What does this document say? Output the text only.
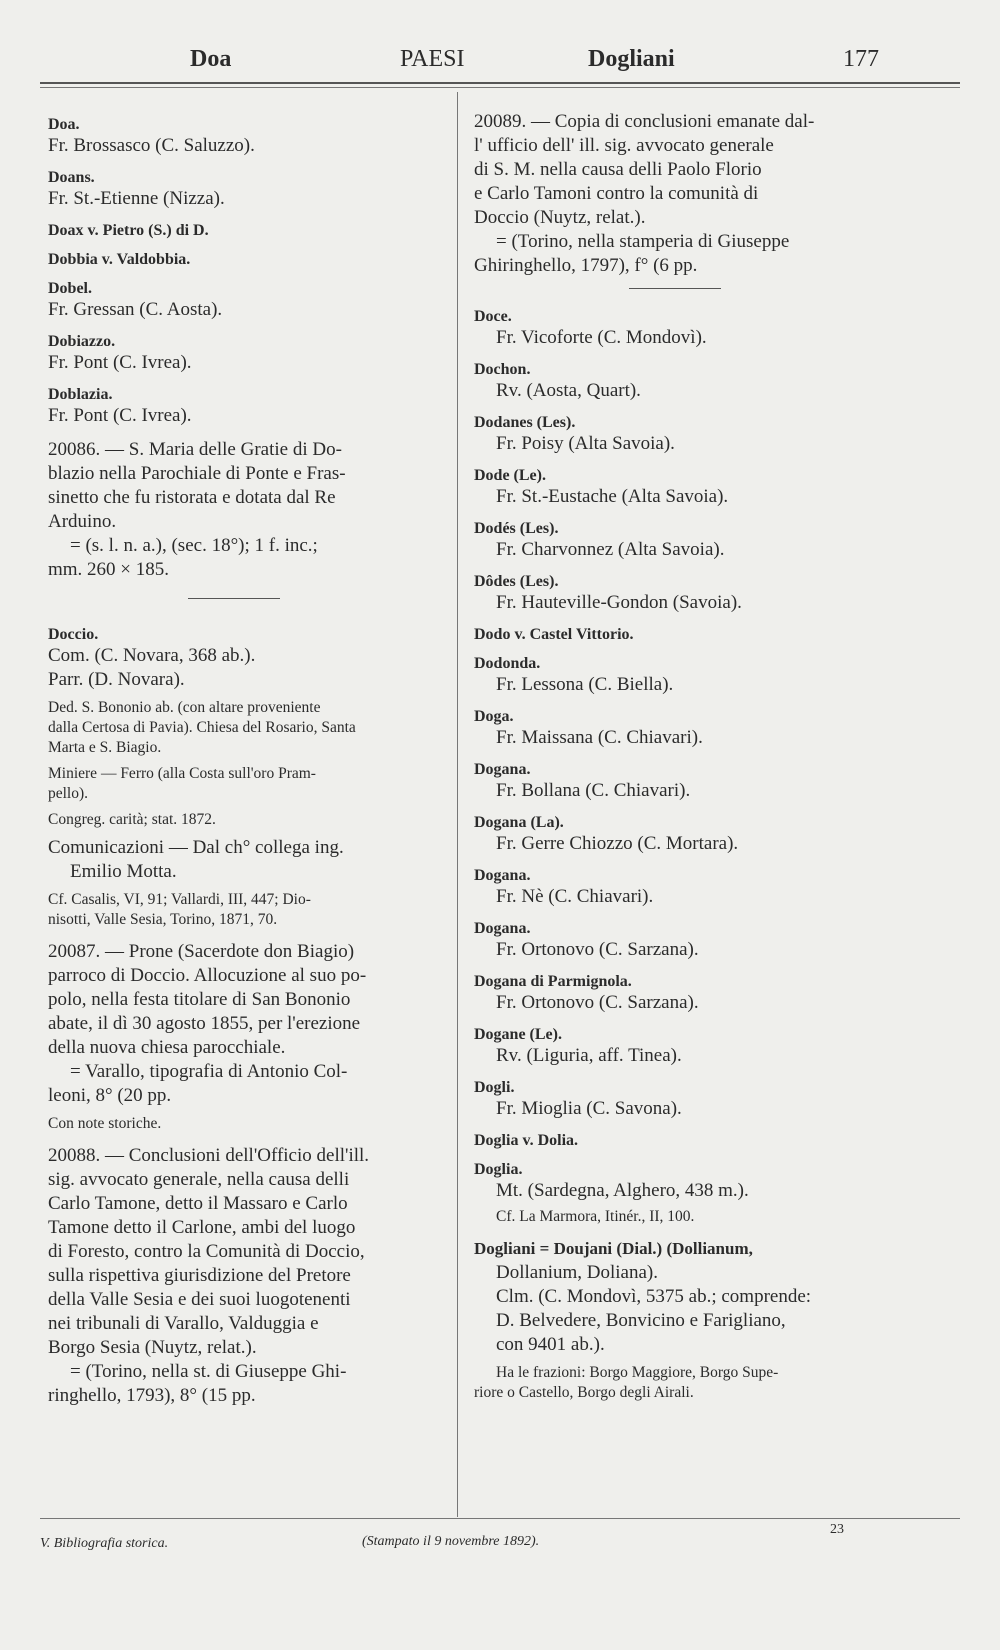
Doa	PAESI	Dogliani	177
Doa.
Fr. Brossasco (C. Saluzzo).
Doans.
Fr. St.-Etienne (Nizza).
Doax v. Pietro (S.) di D.
Dobbia v. Valdobbia.
Dobel.
Fr. Gressan (C. Aosta).
Dobiazzo.
Fr. Pont (C. Ivrea).
Doblazia.
Fr. Pont (C. Ivrea).
20086. — S. Maria delle Gratie di Do-
blazio nella Parochiale di Ponte e Fras-
sinetto che fu ristorata e dotata dal Re
Arduino.
= (s. l. n. a.), (sec. 18°); 1 f. inc.;
mm. 260 × 185.
Doccio.
Com. (C. Novara, 368 ab.).
Parr. (D. Novara).
Ded. S. Bononio ab. (con altare proveniente
dalla Certosa di Pavia). Chiesa del Rosario, Santa
Marta e S. Biagio.
Miniere — Ferro (alla Costa sull'oro Pram-
pello).
Congreg. carità; stat. 1872.
Comunicazioni — Dal ch° collega ing.
Emilio Motta.
Cf. Casalis, VI, 91; Vallardi, III, 447; Dio-
nisotti, Valle Sesia, Torino, 1871, 70.
20087. — Prone (Sacerdote don Biagio)
parroco di Doccio. Allocuzione al suo po-
polo, nella festa titolare di San Bononio
abate, il dì 30 agosto 1855, per l'erezione
della nuova chiesa parocchiale.
= Varallo, tipografia di Antonio Col-
leoni, 8° (20 pp.
Con note storiche.
20088. — Conclusioni dell'Officio dell'ill.
sig. avvocato generale, nella causa delli
Carlo Tamone, detto il Massaro e Carlo
Tamone detto il Carlone, ambi del luogo
di Foresto, contro la Comunità di Doccio,
sulla rispettiva giurisdizione del Pretore
della Valle Sesia e dei suoi luogotenenti
nei tribunali di Varallo, Valduggia e
Borgo Sesia (Nuytz, relat.).
= (Torino, nella st. di Giuseppe Ghi-
ringhello, 1793), 8° (15 pp.
20089. — Copia di conclusioni emanate dal-
l' ufficio dell' ill. sig. avvocato generale
di S. M. nella causa delli Paolo Florio
e Carlo Tamoni contro la comunità di
Doccio (Nuytz, relat.).
= (Torino, nella stamperia di Giuseppe
Ghiringhello, 1797), f° (6 pp.
Doce.
Fr. Vicoforte (C. Mondovì).
Dochon.
Rv. (Aosta, Quart).
Dodanes (Les).
Fr. Poisy (Alta Savoia).
Dode (Le).
Fr. St.-Eustache (Alta Savoia).
Dodés (Les).
Fr. Charvonnez (Alta Savoia).
Dôdes (Les).
Fr. Hauteville-Gondon (Savoia).
Dodo v. Castel Vittorio.
Dodonda.
Fr. Lessona (C. Biella).
Doga.
Fr. Maissana (C. Chiavari).
Dogana.
Fr. Bollana (C. Chiavari).
Dogana (La).
Fr. Gerre Chiozzo (C. Mortara).
Dogana.
Fr. Nè (C. Chiavari).
Dogana.
Fr. Ortonovo (C. Sarzana).
Dogana di Parmignola.
Fr. Ortonovo (C. Sarzana).
Dogane (Le).
Rv. (Liguria, aff. Tinea).
Dogli.
Fr. Mioglia (C. Savona).
Doglia v. Dolia.
Doglia.
Mt. (Sardegna, Alghero, 438 m.).
Cf. La Marmora, Itinér., II, 100.
Dogliani = Doujani (Dial.) (Dollianum,
Dollanium, Doliana).
Clm. (C. Mondovì, 5375 ab.; comprende:
D. Belvedere, Bonvicino e Farigliano,
con 9401 ab.).
Ha le frazioni: Borgo Maggiore, Borgo Supe-
riore o Castello, Borgo degli Airali.
V. Bibliografia storica.	(Stampato il 9 novembre 1892).
23
